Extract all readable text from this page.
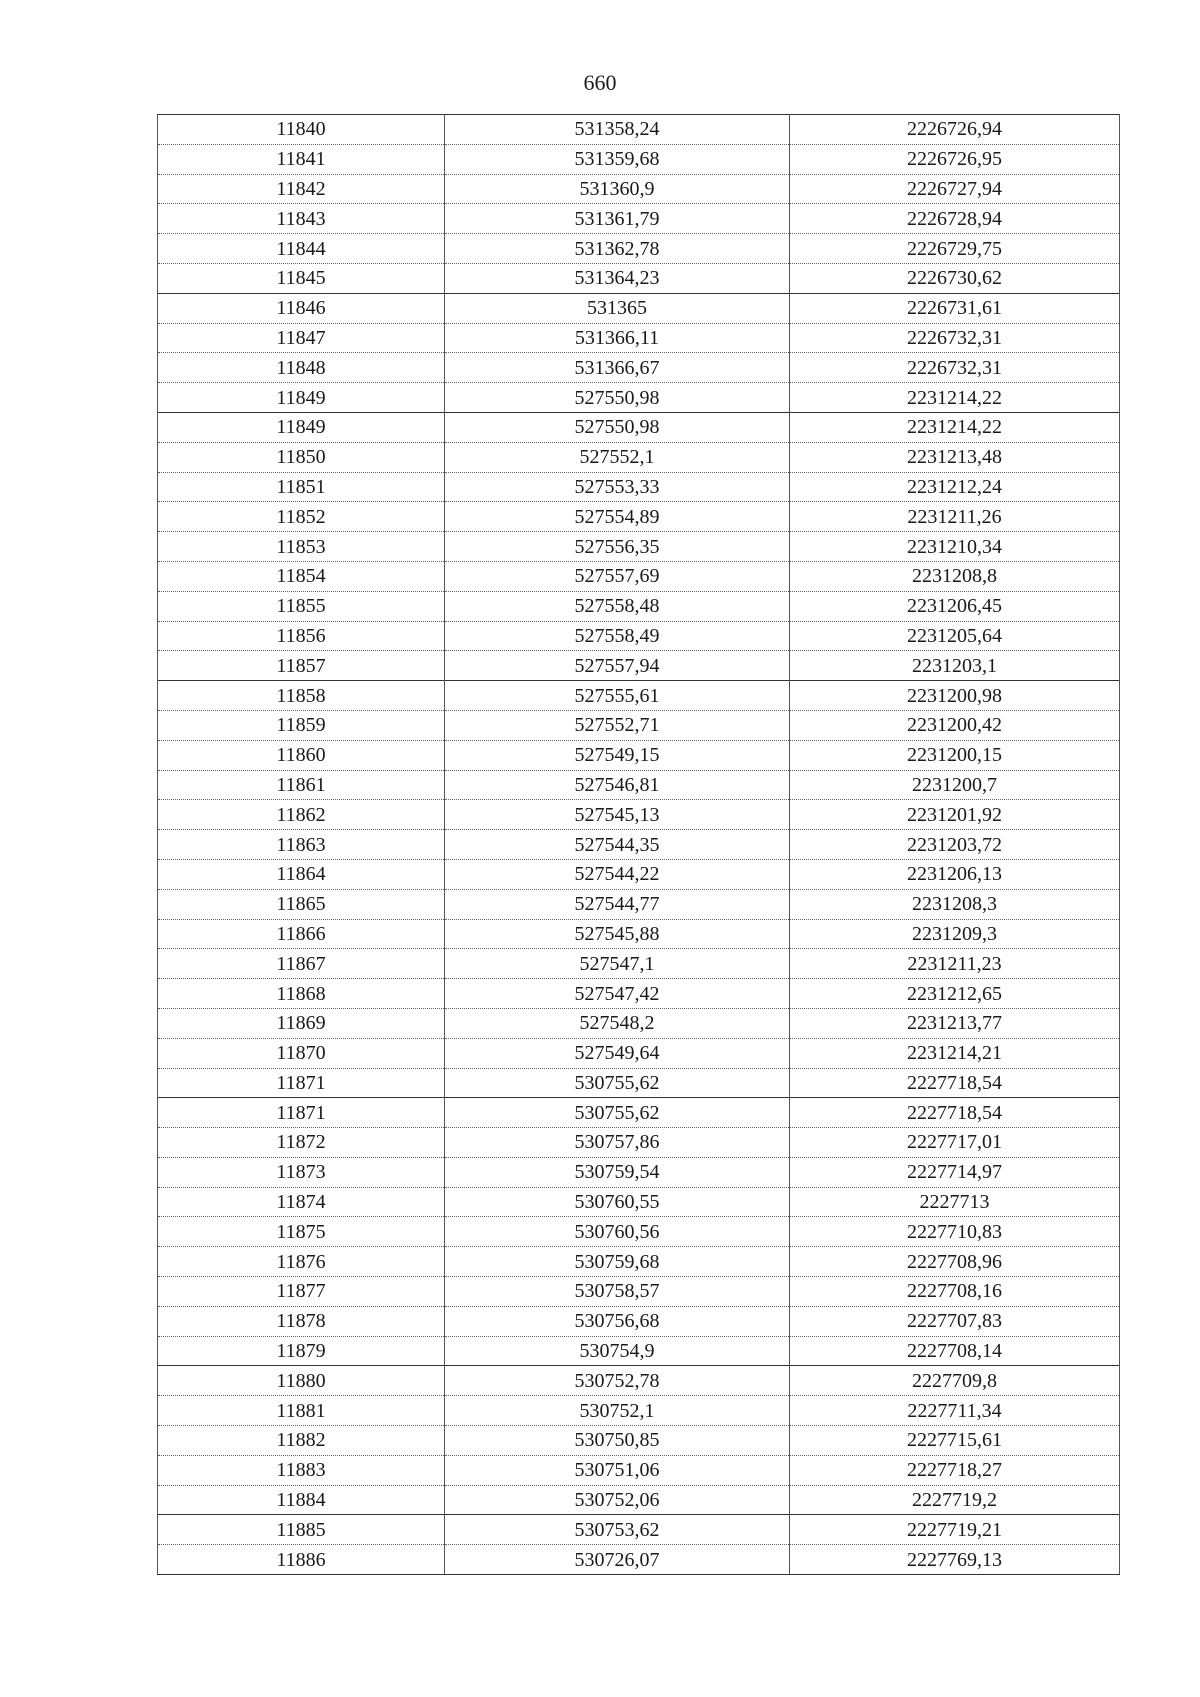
660
11840	531358,24	2226726,94
11841	531359,68	2226726,95
11842	531360,9	2226727,94
11843	531361,79	2226728,94
11844	531362,78	2226729,75
11845	531364,23	2226730,62
11846	531365	2226731,61
11847	531366,11	2226732,31
11848	531366,67	2226732,31
11849	527550,98	2231214,22
11849	527550,98	2231214,22
11850	527552,1	2231213,48
11851	527553,33	2231212,24
11852	527554,89	2231211,26
11853	527556,35	2231210,34
11854	527557,69	2231208,8
11855	527558,48	2231206,45
11856	527558,49	2231205,64
11857	527557,94	2231203,1
11858	527555,61	2231200,98
11859	527552,71	2231200,42
11860	527549,15	2231200,15
11861	527546,81	2231200,7
11862	527545,13	2231201,92
11863	527544,35	2231203,72
11864	527544,22	2231206,13
11865	527544,77	2231208,3
11866	527545,88	2231209,3
11867	527547,1	2231211,23
11868	527547,42	2231212,65
11869	527548,2	2231213,77
11870	527549,64	2231214,21
11871	530755,62	2227718,54
11871	530755,62	2227718,54
11872	530757,86	2227717,01
11873	530759,54	2227714,97
11874	530760,55	2227713
11875	530760,56	2227710,83
11876	530759,68	2227708,96
11877	530758,57	2227708,16
11878	530756,68	2227707,83
11879	530754,9	2227708,14
11880	530752,78	2227709,8
11881	530752,1	2227711,34
11882	530750,85	2227715,61
11883	530751,06	2227718,27
11884	530752,06	2227719,2
11885	530753,62	2227719,21
11886	530726,07	2227769,13
